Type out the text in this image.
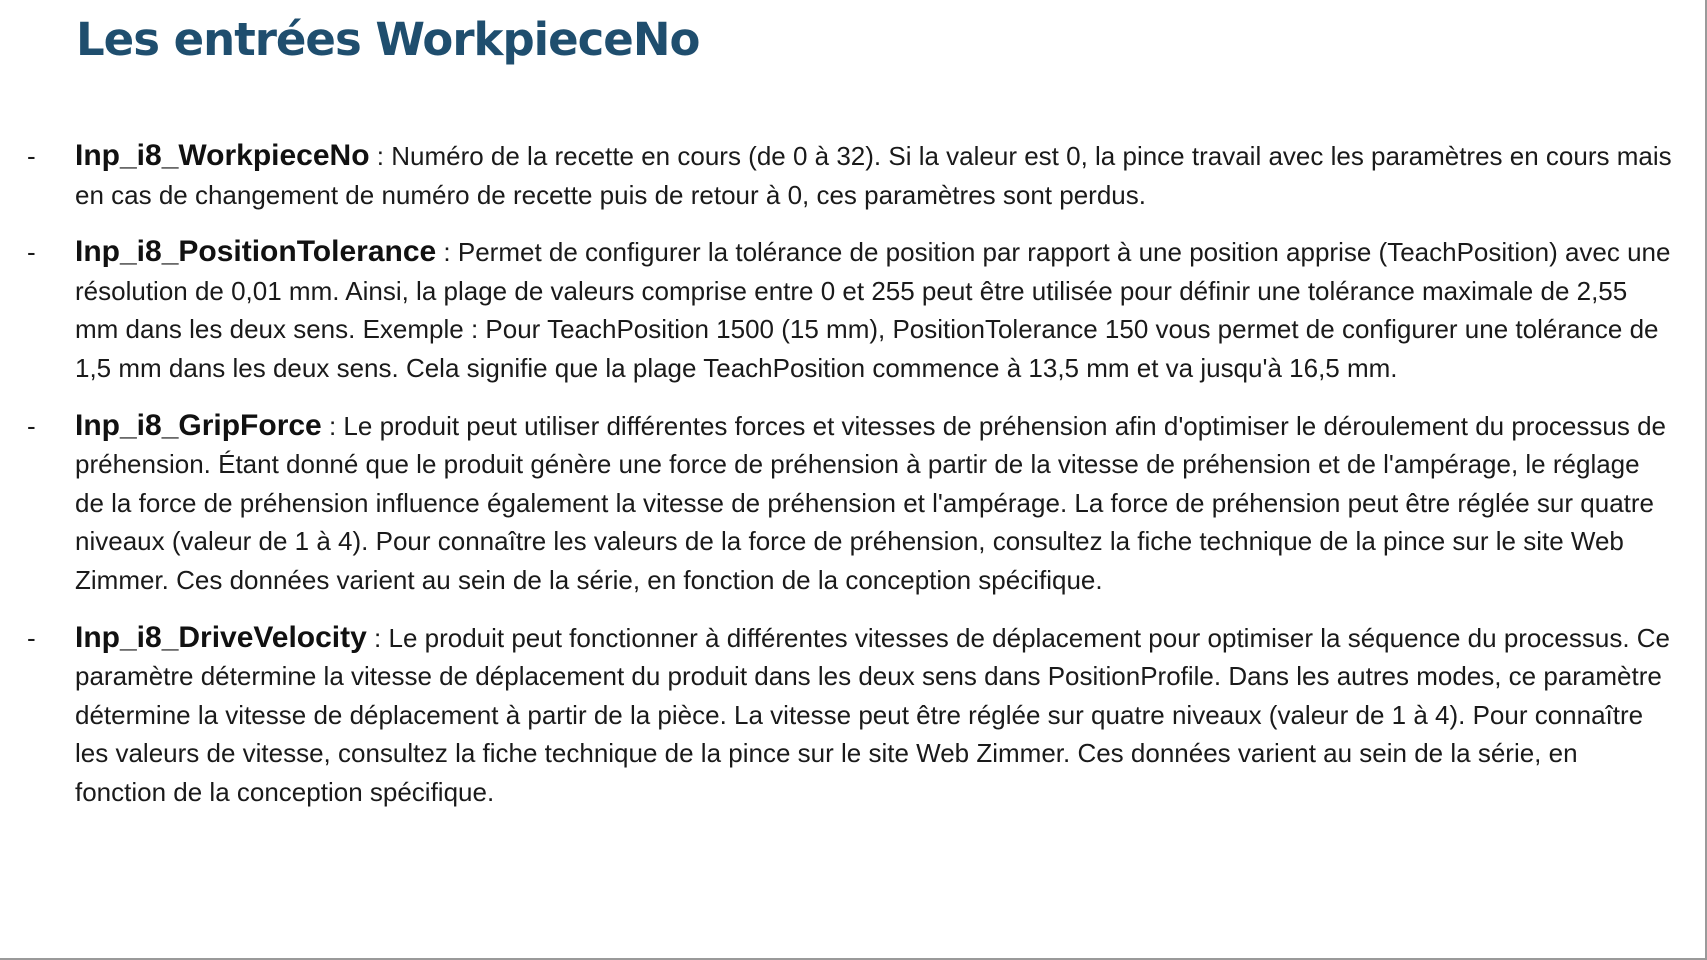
Les entrées WorkpieceNo
- Inp_i8_WorkpieceNo : Numéro de la recette en cours (de 0 à 32). Si la valeur est 0, la pince travail avec les paramètres en cours mais en cas de changement de numéro de recette puis de retour à 0, ces paramètres sont perdus.
- Inp_i8_PositionTolerance : Permet de configurer la tolérance de position par rapport à une position apprise (TeachPosition) avec une résolution de 0,01 mm. Ainsi, la plage de valeurs comprise entre 0 et 255 peut être utilisée pour définir une tolérance maximale de 2,55 mm dans les deux sens. Exemple : Pour TeachPosition 1500 (15 mm), PositionTolerance 150 vous permet de configurer une tolérance de 1,5 mm dans les deux sens. Cela signifie que la plage TeachPosition commence à 13,5 mm et va jusqu'à 16,5 mm.
- Inp_i8_GripForce : Le produit peut utiliser différentes forces et vitesses de préhension afin d'optimiser le déroulement du processus de préhension. Étant donné que le produit génère une force de préhension à partir de la vitesse de préhension et de l'ampérage, le réglage de la force de préhension influence également la vitesse de préhension et l'ampérage. La force de préhension peut être réglée sur quatre niveaux (valeur de 1 à 4). Pour connaître les valeurs de la force de préhension, consultez la fiche technique de la pince sur le site Web Zimmer. Ces données varient au sein de la série, en fonction de la conception spécifique.
- Inp_i8_DriveVelocity : Le produit peut fonctionner à différentes vitesses de déplacement pour optimiser la séquence du processus. Ce paramètre détermine la vitesse de déplacement du produit dans les deux sens dans PositionProfile. Dans les autres modes, ce paramètre détermine la vitesse de déplacement à partir de la pièce. La vitesse peut être réglée sur quatre niveaux (valeur de 1 à 4). Pour connaître les valeurs de vitesse, consultez la fiche technique de la pince sur le site Web Zimmer. Ces données varient au sein de la série, en fonction de la conception spécifique.
